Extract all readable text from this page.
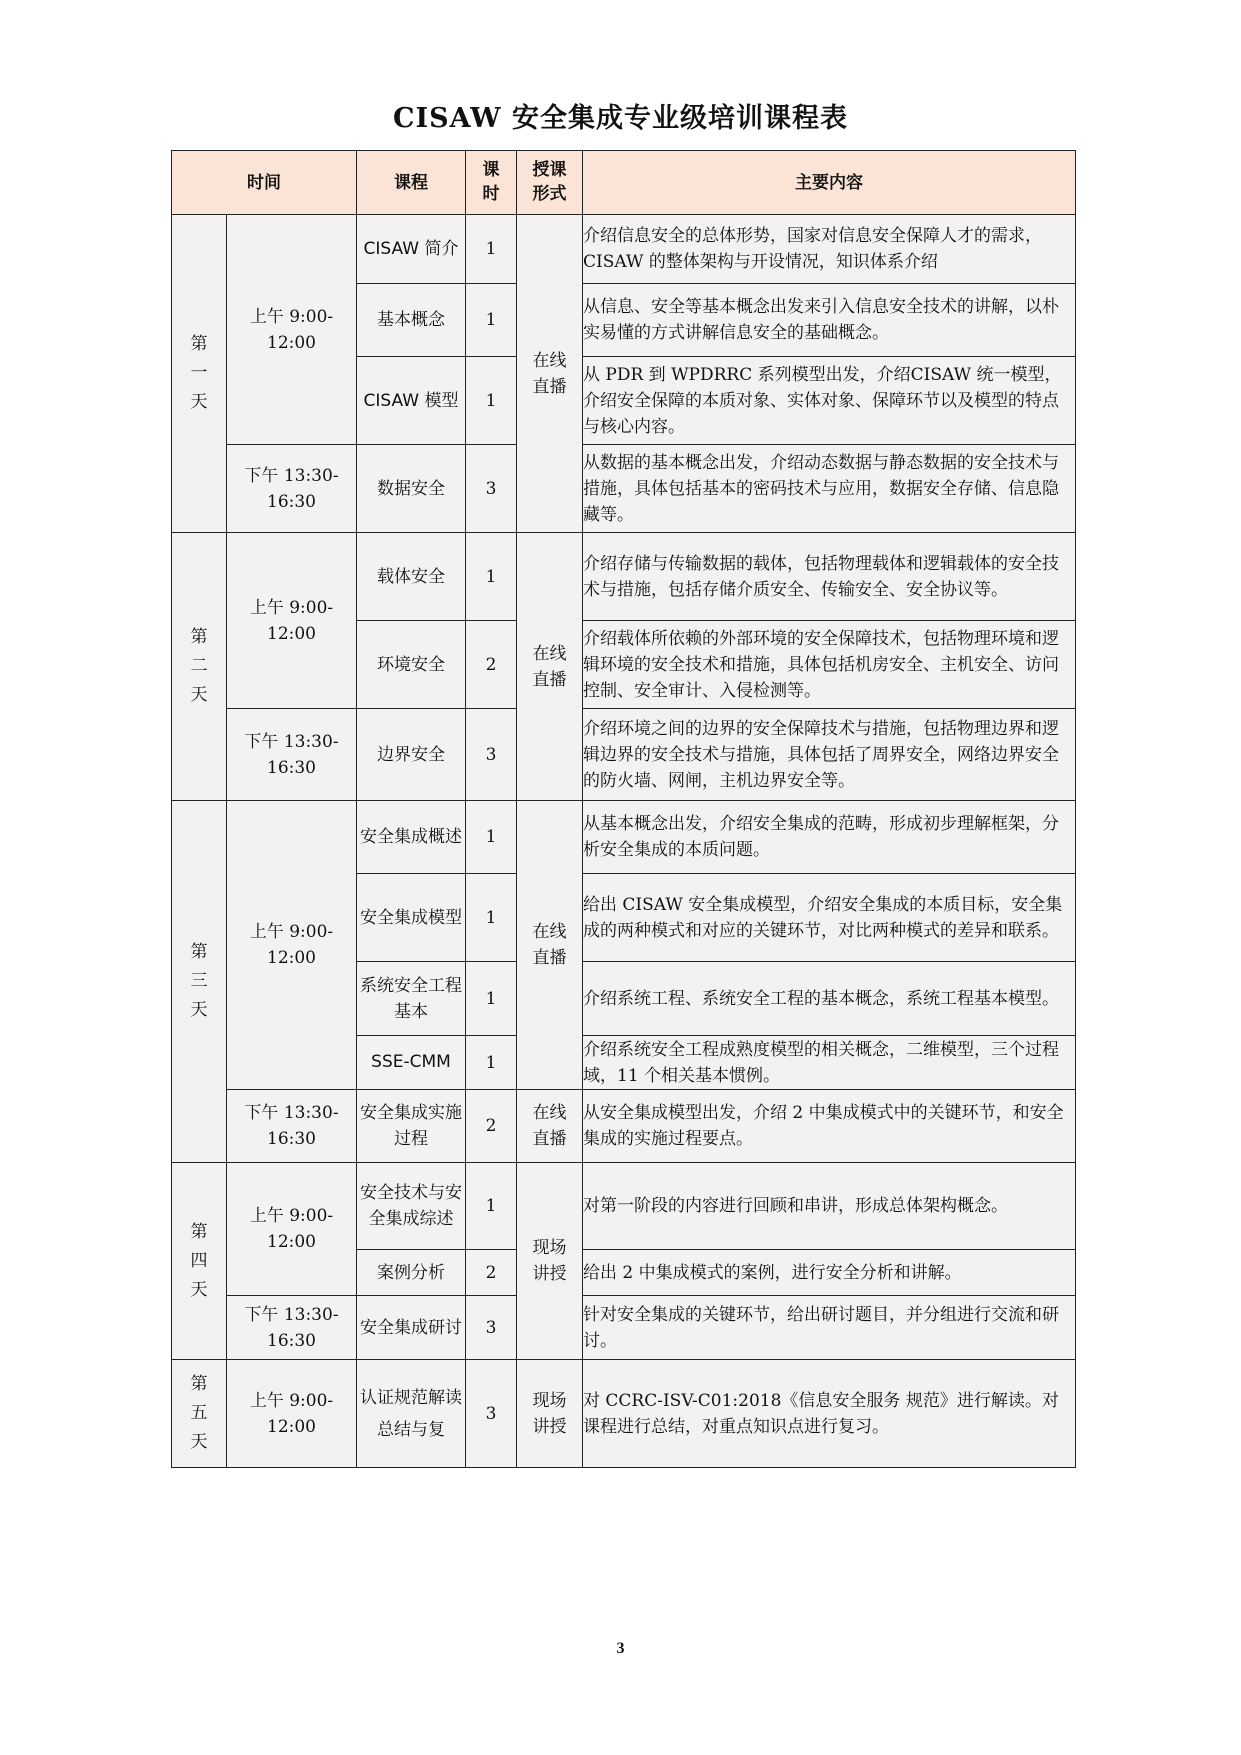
CISAW 安全集成专业级培训课程表
时间		课程	课时	授课形式	主要内容
第一天	上午 9:00-12:00	CISAW 简介	1	在线直播	介绍信息安全的总体形势，国家对信息安全保障人才的需求，CISAW 的整体架构与开设情况，知识体系介绍
		基本概念	1		从信息、安全等基本概念出发来引入信息安全技术的讲解，以朴实易懂的方式讲解信息安全的基础概念。
		CISAW 模型	1		从 PDR 到 WPDRRC 系列模型出发，介绍CISAW 统一模型，介绍安全保障的本质对象、实体对象、保障环节以及模型的特点与核心内容。
	下午 13:30-16:30	数据安全	3		从数据的基本概念出发，介绍动态数据与静态数据的安全技术与措施，具体包括基本的密码技术与应用，数据安全存储、信息隐藏等。
第二天	上午 9:00-12:00	载体安全	1	在线直播	介绍存储与传输数据的载体，包括物理载体和逻辑载体的安全技术与措施，包括存储介质安全、传输安全、安全协议等。
		环境安全	2		介绍载体所依赖的外部环境的安全保障技术，包括物理环境和逻辑环境的安全技术和措施，具体包括机房安全、主机安全、访问控制、安全审计、入侵检测等。
	下午 13:30-16:30	边界安全	3		介绍环境之间的边界的安全保障技术与措施，包括物理边界和逻辑边界的安全技术与措施，具体包括了周界安全，网络边界安全的防火墙、网闸，主机边界安全等。
第三天	上午 9:00-12:00	安全集成概述	1	在线直播	从基本概念出发，介绍安全集成的范畴，形成初步理解框架，分析安全集成的本质问题。
		安全集成模型	1		给出 CISAW 安全集成模型，介绍安全集成的本质目标，安全集成的两种模式和对应的关键环节，对比两种模式的差异和联系。
		系统安全工程基本	1		介绍系统工程、系统安全工程的基本概念，系统工程基本模型。
		SSE-CMM	1		介绍系统安全工程成熟度模型的相关概念，二维模型，三个过程域，11 个相关基本惯例。
	下午 13:30-16:30	安全集成实施过程	2	在线直播	从安全集成模型出发，介绍 2 中集成模式中的关键环节，和安全集成的实施过程要点。
第四天	上午 9:00-12:00	安全技术与安全集成综述	1	现场讲授	对第一阶段的内容进行回顾和串讲，形成总体架构概念。
		案例分析	2		给出 2 中集成模式的案例，进行安全分析和讲解。
	下午 13:30-16:30	安全集成研讨	3		针对安全集成的关键环节，给出研讨题目，并分组进行交流和研讨。
第五天	上午 9:00-12:00	认证规范解读 总结与复	3	现场讲授	对 CCRC-ISV-C01:2018《信息安全服务 规范》进行解读。对课程进行总结，对重点知识点进行复习。
3
